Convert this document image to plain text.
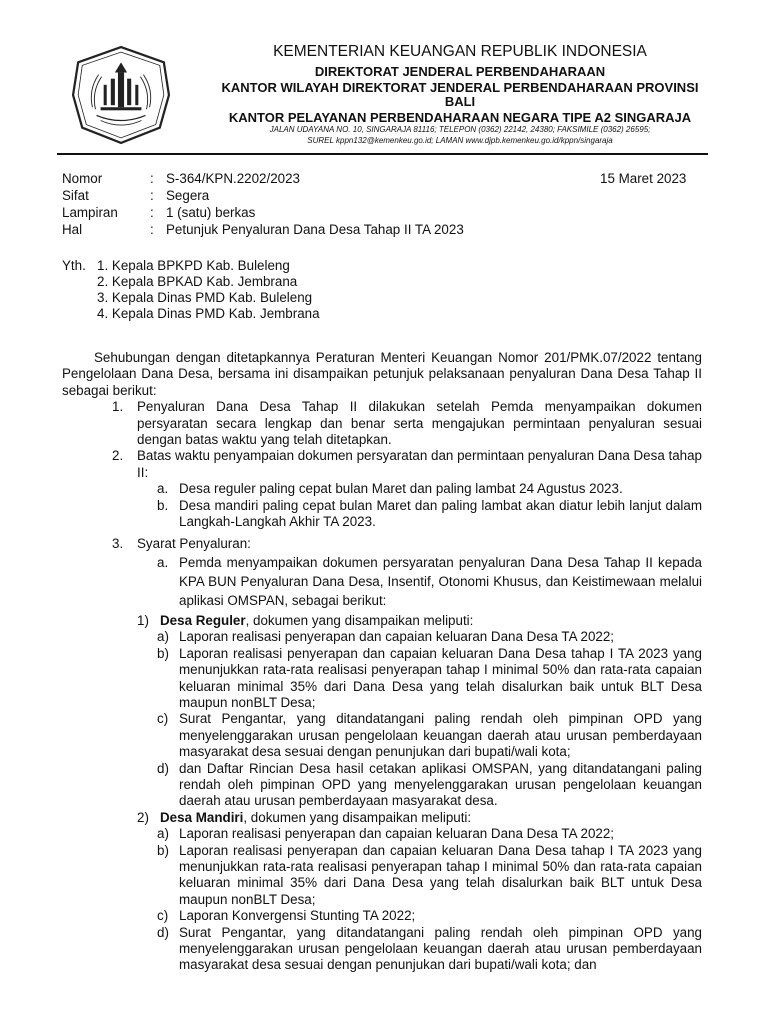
KEMENTERIAN KEUANGAN REPUBLIK INDONESIA
DIREKTORAT JENDERAL PERBENDAHARAAN
KANTOR WILAYAH DIREKTORAT JENDERAL PERBENDAHARAAN PROVINSI
BALI
KANTOR PELAYANAN PERBENDAHARAAN NEGARA TIPE A2 SINGARAJA
JALAN UDAYANA NO. 10, SINGARAJA 81116; TELEPON (0362) 22142, 24380; FAKSIMILE (0362) 26595;
SUREL kppn132@kemenkeu.go.id; LAMAN www.djpb.kemenkeu.go.id/kppn/singaraja
Nomor	: S-364/KPN.2202/2023
Sifat	: Segera
Lampiran : 1 (satu) berkas
Hal	: Petunjuk Penyaluran Dana Desa Tahap II TA 2023
15 Maret 2023
Yth. 1. Kepala BPKPD Kab. Buleleng
2. Kepala BPKAD Kab. Jembrana
3. Kepala Dinas PMD Kab. Buleleng
4. Kepala Dinas PMD Kab. Jembrana

Sehubungan dengan ditetapkannya Peraturan Menteri Keuangan Nomor 201/PMK.07/2022 tentang Pengelolaan Dana Desa, bersama ini disampaikan petunjuk pelaksanaan penyaluran Dana Desa Tahap II sebagai berikut:

1. Penyaluran Dana Desa Tahap II dilakukan setelah Pemda menyampaikan dokumen persyaratan secara lengkap dan benar serta mengajukan permintaan penyaluran sesuai dengan batas waktu yang telah ditetapkan.

2. Batas waktu penyampaian dokumen persyaratan dan permintaan penyaluran Dana Desa tahap II:

a. Desa reguler paling cepat bulan Maret dan paling lambat 24 Agustus 2023.

b. Desa mandiri paling cepat bulan Maret dan paling lambat akan diatur lebih lanjut dalam Langkah-Langkah Akhir TA 2023.

3. Syarat Penyaluran:

a. Pemda menyampaikan dokumen persyaratan penyaluran Dana Desa Tahap II kepada KPA BUN Penyaluran Dana Desa, Insentif, Otonomi Khusus, dan Keistimewaan melalui aplikasi OMSPAN, sebagai berikut:

1) Desa Reguler, dokumen yang disampaikan meliputi:

a) Laporan realisasi penyerapan dan capaian keluaran Dana Desa TA 2022;

b) Laporan realisasi penyerapan dan capaian keluaran Dana Desa tahap I TA 2023 yang menunjukkan rata-rata realisasi penyerapan tahap I minimal 50% dan rata-rata capaian keluaran minimal 35% dari Dana Desa yang telah disalurkan baik untuk BLT Desa maupun nonBLT Desa;

c) Surat Pengantar, yang ditandatangani paling rendah oleh pimpinan OPD yang menyelenggarakan urusan pengelolaan keuangan daerah atau urusan pemberdayaan masyarakat desa sesuai dengan penunjukan dari bupati/wali kota;

d) dan Daftar Rincian Desa hasil cetakan aplikasi OMSPAN, yang ditandatangani paling rendah oleh pimpinan OPD yang menyelenggarakan urusan pengelolaan keuangan daerah atau urusan pemberdayaan masyarakat desa.

2) Desa Mandiri, dokumen yang disampaikan meliputi:

a) Laporan realisasi penyerapan dan capaian keluaran Dana Desa TA 2022;

b) Laporan realisasi penyerapan dan capaian keluaran Dana Desa tahap I TA 2023 yang menunjukkan rata-rata realisasi penyerapan tahap I minimal 50% dan rata-rata capaian keluaran minimal 35% dari Dana Desa yang telah disalurkan baik BLT untuk Desa maupun nonBLT Desa;

c) Laporan Konvergensi Stunting TA 2022;

d) Surat Pengantar, yang ditandatangani paling rendah oleh pimpinan OPD yang menyelenggarakan urusan pengelolaan keuangan daerah atau urusan pemberdayaan masyarakat desa sesuai dengan penunjukan dari bupati/wali kota; dan
